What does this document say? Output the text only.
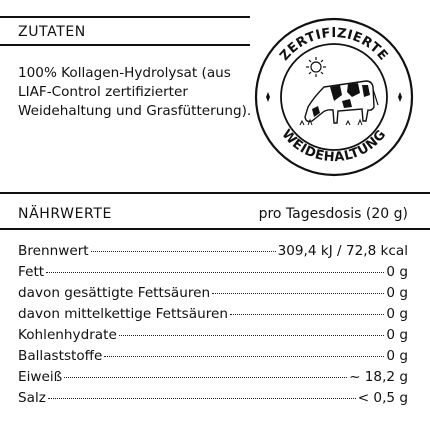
ZUTATEN
100% Kollagen-Hydrolysat (aus LIAF-Control zertifizierter Weidehaltung und Grasfütterung).
ZERTIFIZIERTE
WEIDEHALTUNG
NÄHRWERTE	pro Tagesdosis (20 g)
Brennwert	309,4 kJ / 72,8 kcal
Fett	0 g
davon gesättigte Fettsäuren	0 g
davon mittelkettige Fettsäuren	0 g
Kohlenhydrate	0 g
Ballaststoffe	0 g
Eiweiß	~ 18,2 g
Salz	< 0,5 g
